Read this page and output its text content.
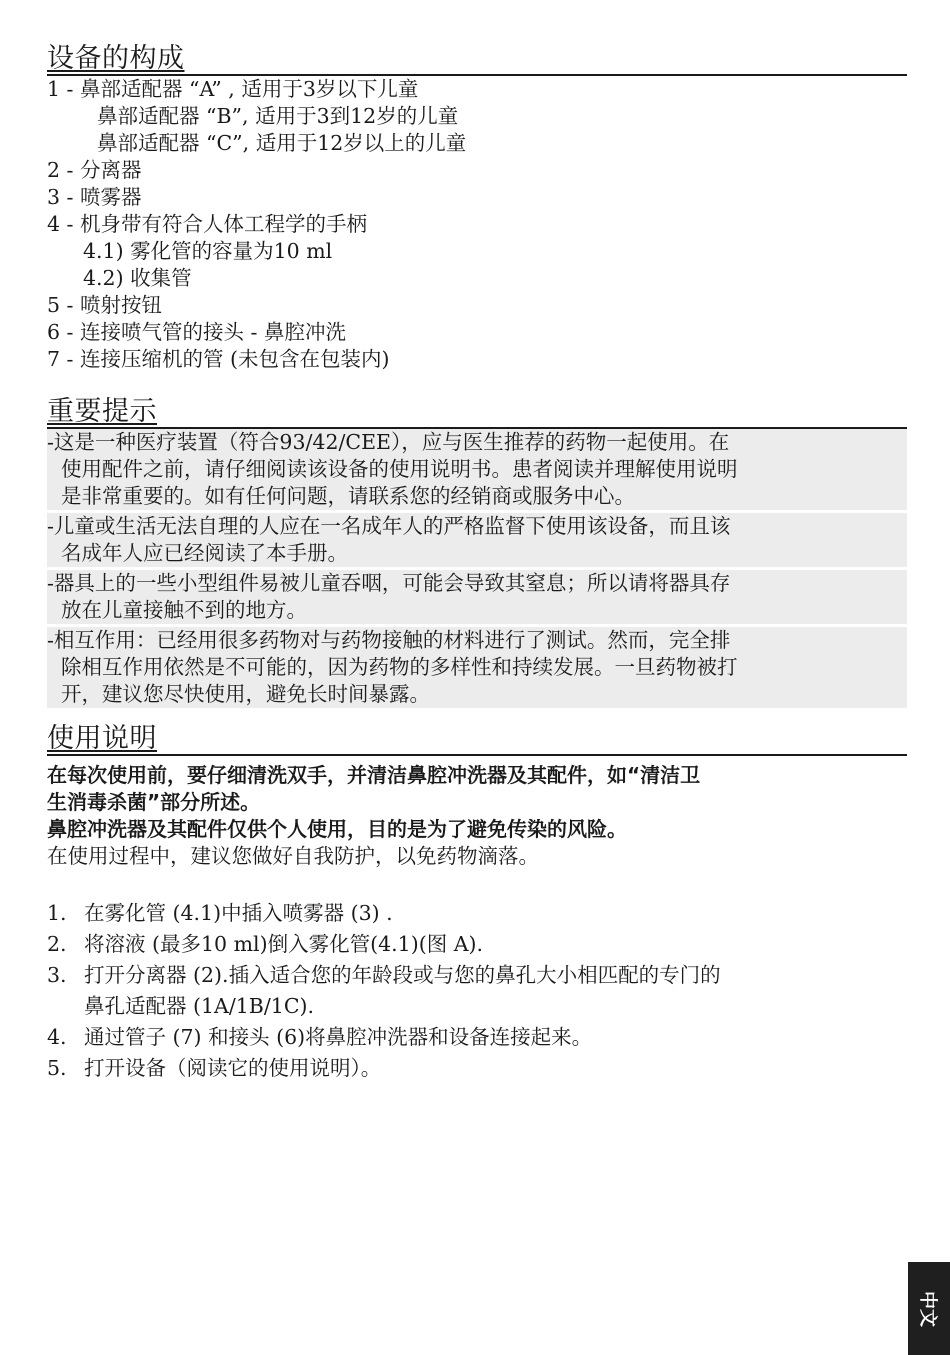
设备的构成
1 - 鼻部适配器 “A” , 适用于3岁以下儿童
鼻部适配器 “B”, 适用于3到12岁的儿童
鼻部适配器 “C”, 适用于12岁以上的儿童
2 - 分离器
3 - 喷雾器
4 - 机身带有符合人体工程学的手柄
4.1) 雾化管的容量为10 ml
4.2) 收集管
5 - 喷射按钮
6 - 连接喷气管的接头 - 鼻腔冲洗
7 - 连接压缩机的管 (未包含在包装内)
重要提示
-这是一种医疗装置（符合93/42/CEE），应与医生推荐的药物一起使用。在
使用配件之前，请仔细阅读该设备的使用说明书。患者阅读并理解使用说明
是非常重要的。如有任何问题，请联系您的经销商或服务中心。
-儿童或生活无法自理的人应在一名成年人的严格监督下使用该设备，而且该
名成年人应已经阅读了本手册。
-器具上的一些小型组件易被儿童吞咽，可能会导致其窒息；所以请将器具存
放在儿童接触不到的地方。
-相互作用：已经用很多药物对与药物接触的材料进行了测试。然而，完全排
除相互作用依然是不可能的，因为药物的多样性和持续发展。一旦药物被打
开，建议您尽快使用，避免长时间暴露。
使用说明
在每次使用前，要仔细清洗双手，并清洁鼻腔冲洗器及其配件，如“清洁卫
生消毒杀菌”部分所述。
鼻腔冲洗器及其配件仅供个人使用，目的是为了避免传染的风险。
在使用过程中，建议您做好自我防护，以免药物滴落。
1. 在雾化管 (4.1)中插入喷雾器 (3) .
2. 将溶液 (最多10 ml)倒入雾化管(4.1)(图 A).
3. 打开分离器 (2).插入适合您的年龄段或与您的鼻孔大小相匹配的专门的
鼻孔适配器 (1A/1B/1C).
4. 通过管子 (7) 和接头 (6)将鼻腔冲洗器和设备连接起来。
5. 打开设备（阅读它的使用说明）。
中文
